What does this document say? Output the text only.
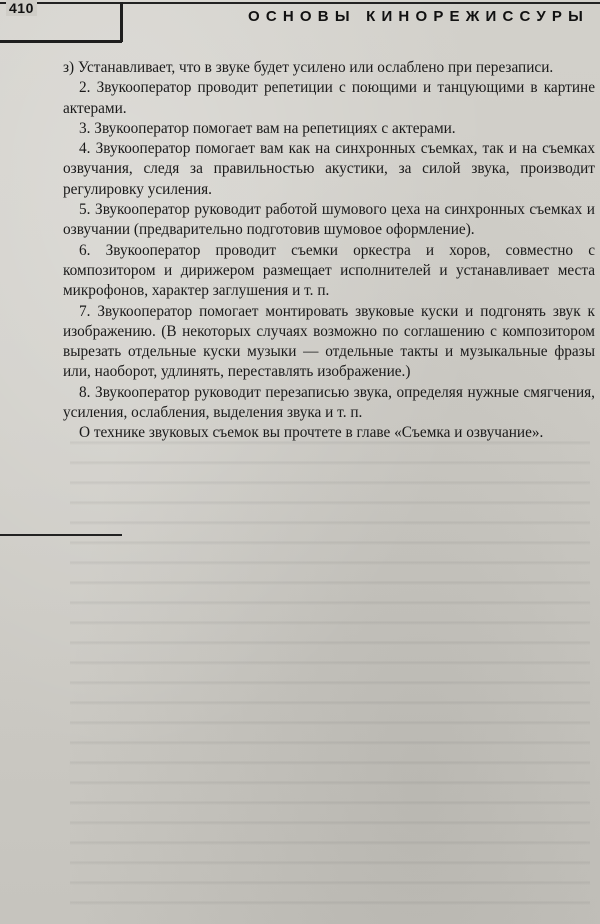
410	ОСНОВЫ КИНОРЕЖИССУРЫ

з) Устанавливает, что в звуке будет усилено или ослаблено при перезаписи.

2. Звукооператор проводит репетиции с поющими и танцующими в картине актерами.

3. Звукооператор помогает вам на репетициях с актерами.

4. Звукооператор помогает вам как на синхронных съемках, так и на съемках озвучания, следя за правильностью акустики, за силой звука, производит регулировку усиления.

5. Звукооператор руководит работой шумового цеха на синхронных съемках и озвучании (предварительно подготовив шумовое оформление).

6. Звукооператор проводит съемки оркестра и хоров, совместно с композитором и дирижером размещает исполнителей и устанавливает места микрофонов, характер заглушения и т. п.

7. Звукооператор помогает монтировать звуковые куски и подгонять звук к изображению. (В некоторых случаях возможно по соглашению с композитором вырезать отдельные куски музыки — отдельные такты и музыкальные фразы или, наоборот, удлинять, переставлять изображение.)

8. Звукооператор руководит перезаписью звука, определяя нужные смягчения, усиления, ослабления, выделения звука и т. п.

О технике звуковых съемок вы прочтете в главе «Съемка и озвучание».
